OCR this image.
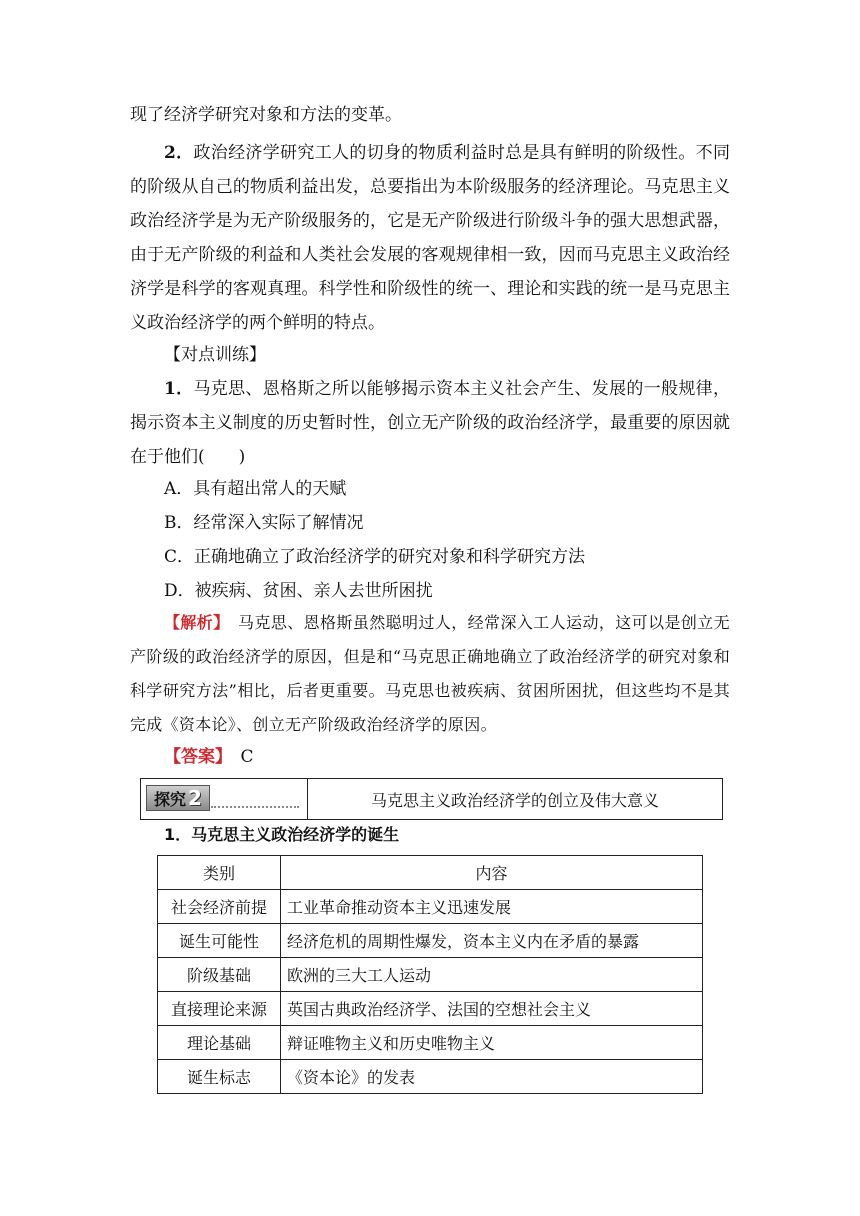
现了经济学研究对象和方法的变革。

2．政治经济学研究工人的切身的物质利益时总是具有鲜明的阶级性。不同的阶级从自己的物质利益出发，总要指出为本阶级服务的经济理论。马克思主义政治经济学是为无产阶级服务的，它是无产阶级进行阶级斗争的强大思想武器，由于无产阶级的利益和人类社会发展的客观规律相一致，因而马克思主义政治经济学是科学的客观真理。科学性和阶级性的统一、理论和实践的统一是马克思主义政治经济学的两个鲜明的特点。

【对点训练】

1．马克思、恩格斯之所以能够揭示资本主义社会产生、发展的一般规律，揭示资本主义制度的历史暂时性，创立无产阶级的政治经济学，最重要的原因就在于他们(　　)

A．具有超出常人的天赋
B．经常深入实际了解情况
C．正确地确立了政治经济学的研究对象和科学研究方法
D．被疾病、贫困、亲人去世所困扰

【解析】　 马克思、恩格斯虽然聪明过人，经常深入工人运动，这可以是创立无产阶级的政治经济学的原因，但是和“马克思正确地确立了政治经济学的研究对象和科学研究方法”相比，后者更重要。马克思也被疾病、贫困所困扰，但这些均不是其完成《资本论》、创立无产阶级政治经济学的原因。

【答案】　 C

探究 2	马克思主义政治经济学的创立及伟大意义
1．马克思主义政治经济学的诞生
类别	内容
社会经济前提	工业革命推动资本主义迅速发展
诞生可能性	经济危机的周期性爆发，资本主义内在矛盾的暴露
阶级基础	欧洲的三大工人运动
直接理论来源	英国古典政治经济学、法国的空想社会主义
理论基础	辩证唯物主义和历史唯物主义
诞生标志	《资本论》的发表
